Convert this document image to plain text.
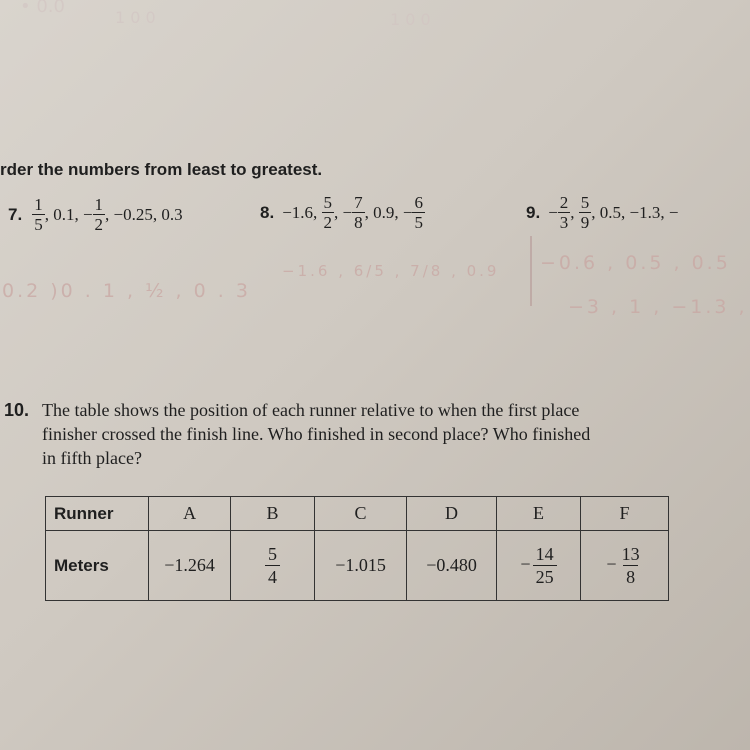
• 0.0
1 0 0	1 0 0
rder the numbers from least to greatest.
7. $\frac{1}{5}$ , 0.1, − $\frac{1}{2}$ , −0.25, 0.3	8. −1.6, $\frac{5}{2}$ , − $\frac{7}{8}$ , 0.9, − $\frac{6}{5}$	9. − $\frac{2}{3}$ , $\frac{5}{9}$ , 0.5, −1.3, −
0.2 )0 . 1 , ½ , 0 . 3
−1.6 , 6/5 , 7/8 , 0.9 −0.6 , 0.5 , 0.5
−3 , 1 , −1.3 ,
10. The table shows the position of each runner relative to when the first place
finisher crossed the finish line. Who finished in second place? Who finished
in fifth place?
Runner	A	B	C	D	E	F
Meters	−1.264	$\frac{5}{4}$	−1.015	−0.480	− $\frac{14}{25}$	− $\frac{13}{8}$
